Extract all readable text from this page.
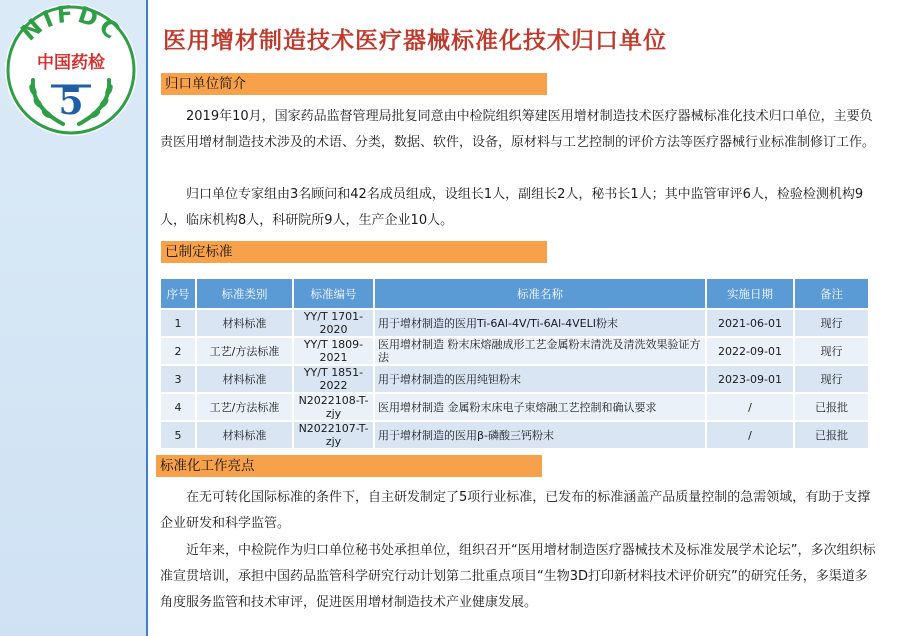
NIFDC
中国药检
5
医用增材制造技术医疗器械标准化技术归口单位
归口单位简介

2019年10月，国家药品监督管理局批复同意由中检院组织筹建医用增材制造技术医疗器械标准化技术归口单位，主要负责医用增材制造技术涉及的术语、分类，数据、软件，设备，原材料与工艺控制的评价方法等医疗器械行业标准制修订工作。

归口单位专家组由3名顾问和42名成员组成，设组长1人，副组长2人，秘书长1人；其中监管审评6人，检验检测机构9人，临床机构8人，科研院所9人，生产企业10人。

已制定标准
序号	标准类别	标准编号	标准名称	实施日期	备注
1	材料标准	YY/T 1701-2020	用于增材制造的医用Ti-6Al-4V/Ti-6Al-4VELI粉末	2021-06-01	现行
2	工艺/方法标准	YY/T 1809-2021	医用增材制造 粉末床熔融成形工艺金属粉末清洗及清洗效果验证方法	2022-09-01	现行
3	材料标准	YY/T 1851-2022	用于增材制造的医用纯钽粉末	2023-09-01	现行
4	工艺/方法标准	N2022108-T-zjy	医用增材制造 金属粉末床电子束熔融工艺控制和确认要求	/	已报批
5	材料标准	N2022107-T-zjy	用于增材制造的医用β-磷酸三钙粉末	/	已报批
标准化工作亮点

在无可转化国际标准的条件下，自主研发制定了5项行业标准，已发布的标准涵盖产品质量控制的急需领域，有助于支撑企业研发和科学监管。

近年来，中检院作为归口单位秘书处承担单位，组织召开“医用增材制造医疗器械技术及标准发展学术论坛”，多次组织标准宣贯培训，承担中国药品监管科学研究行动计划第二批重点项目“生物3D打印新材料技术评价研究”的研究任务，多渠道多角度服务监管和技术审评，促进医用增材制造技术产业健康发展。
